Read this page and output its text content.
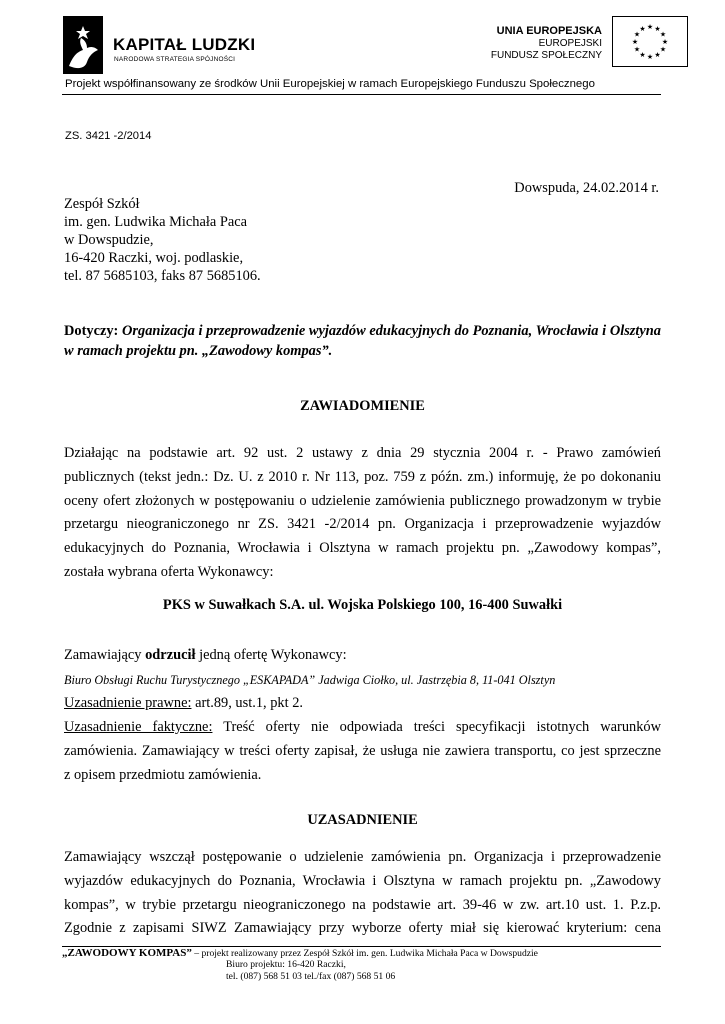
KAPITAŁ LUDZKI
NARODOWA STRATEGIA SPÓJNOŚCI
UNIA EUROPEJSKA
EUROPEJSKI
FUNDUSZ SPOŁECZNY
★ ★
★
★
★
★
★
★
★
★
★
★
Projekt współfinansowany ze środków Unii Europejskiej w ramach Europejskiego Funduszu Społecznego
ZS. 3421 -2/2014
Dowspuda, 24.02.2014 r.
Zespół Szkół
im. gen. Ludwika Michała Paca
w Dowspudzie,
16-420 Raczki, woj. podlaskie,
tel. 87 5685103, faks 87 5685106.
Dotyczy: Organizacja i przeprowadzenie wyjazdów edukacyjnych do Poznania, Wrocławia i Olsztyna w ramach projektu pn. „Zawodowy kompas”.
ZAWIADOMIENIE
Działając na podstawie art. 92 ust. 2 ustawy z dnia 29 stycznia 2004 r. - Prawo zamówień
publicznych (tekst jedn.: Dz. U. z 2010 r. Nr 113, poz. 759 z późn. zm.) informuję, że po dokonaniu
oceny ofert złożonych w postępowaniu o udzielenie zamówienia publicznego prowadzonym w trybie
przetargu nieograniczonego nr ZS. 3421 -2/2014 pn. Organizacja i przeprowadzenie wyjazdów
edukacyjnych do Poznania, Wrocławia i Olsztyna w ramach projektu pn. „Zawodowy kompas”,
została wybrana oferta Wykonawcy:
PKS w Suwałkach S.A. ul. Wojska Polskiego 100, 16-400 Suwałki
Zamawiający odrzucił jedną ofertę Wykonawcy:
Biuro Obsługi Ruchu Turystycznego „ESKAPADA” Jadwiga Ciołko, ul. Jastrzębia 8, 11-041 Olsztyn
Uzasadnienie prawne: art.89, ust.1, pkt 2.
Uzasadnienie faktyczne: Treść oferty nie odpowiada treści specyfikacji istotnych warunków
zamówienia. Zamawiający w treści oferty zapisał, że usługa nie zawiera transportu, co jest sprzeczne
z opisem przedmiotu zamówienia.
UZASADNIENIE
Zamawiający wszczął postępowanie o udzielenie zamówienia pn. Organizacja i przeprowadzenie
wyjazdów edukacyjnych do Poznania, Wrocławia i Olsztyna w ramach projektu pn. „Zawodowy
kompas”, w trybie przetargu nieograniczonego na podstawie art. 39-46 w zw. art.10 ust. 1. P.z.p.
Zgodnie z zapisami SIWZ Zamawiający przy wyborze oferty miał się kierować kryterium: cena
„ZAWODOWY KOMPAS” – projekt realizowany przez Zespół Szkół im. gen. Ludwika Michała Paca w Dowspudzie
Biuro projektu: 16-420 Raczki,
tel. (087) 568 51 03 tel./fax (087) 568 51 06
